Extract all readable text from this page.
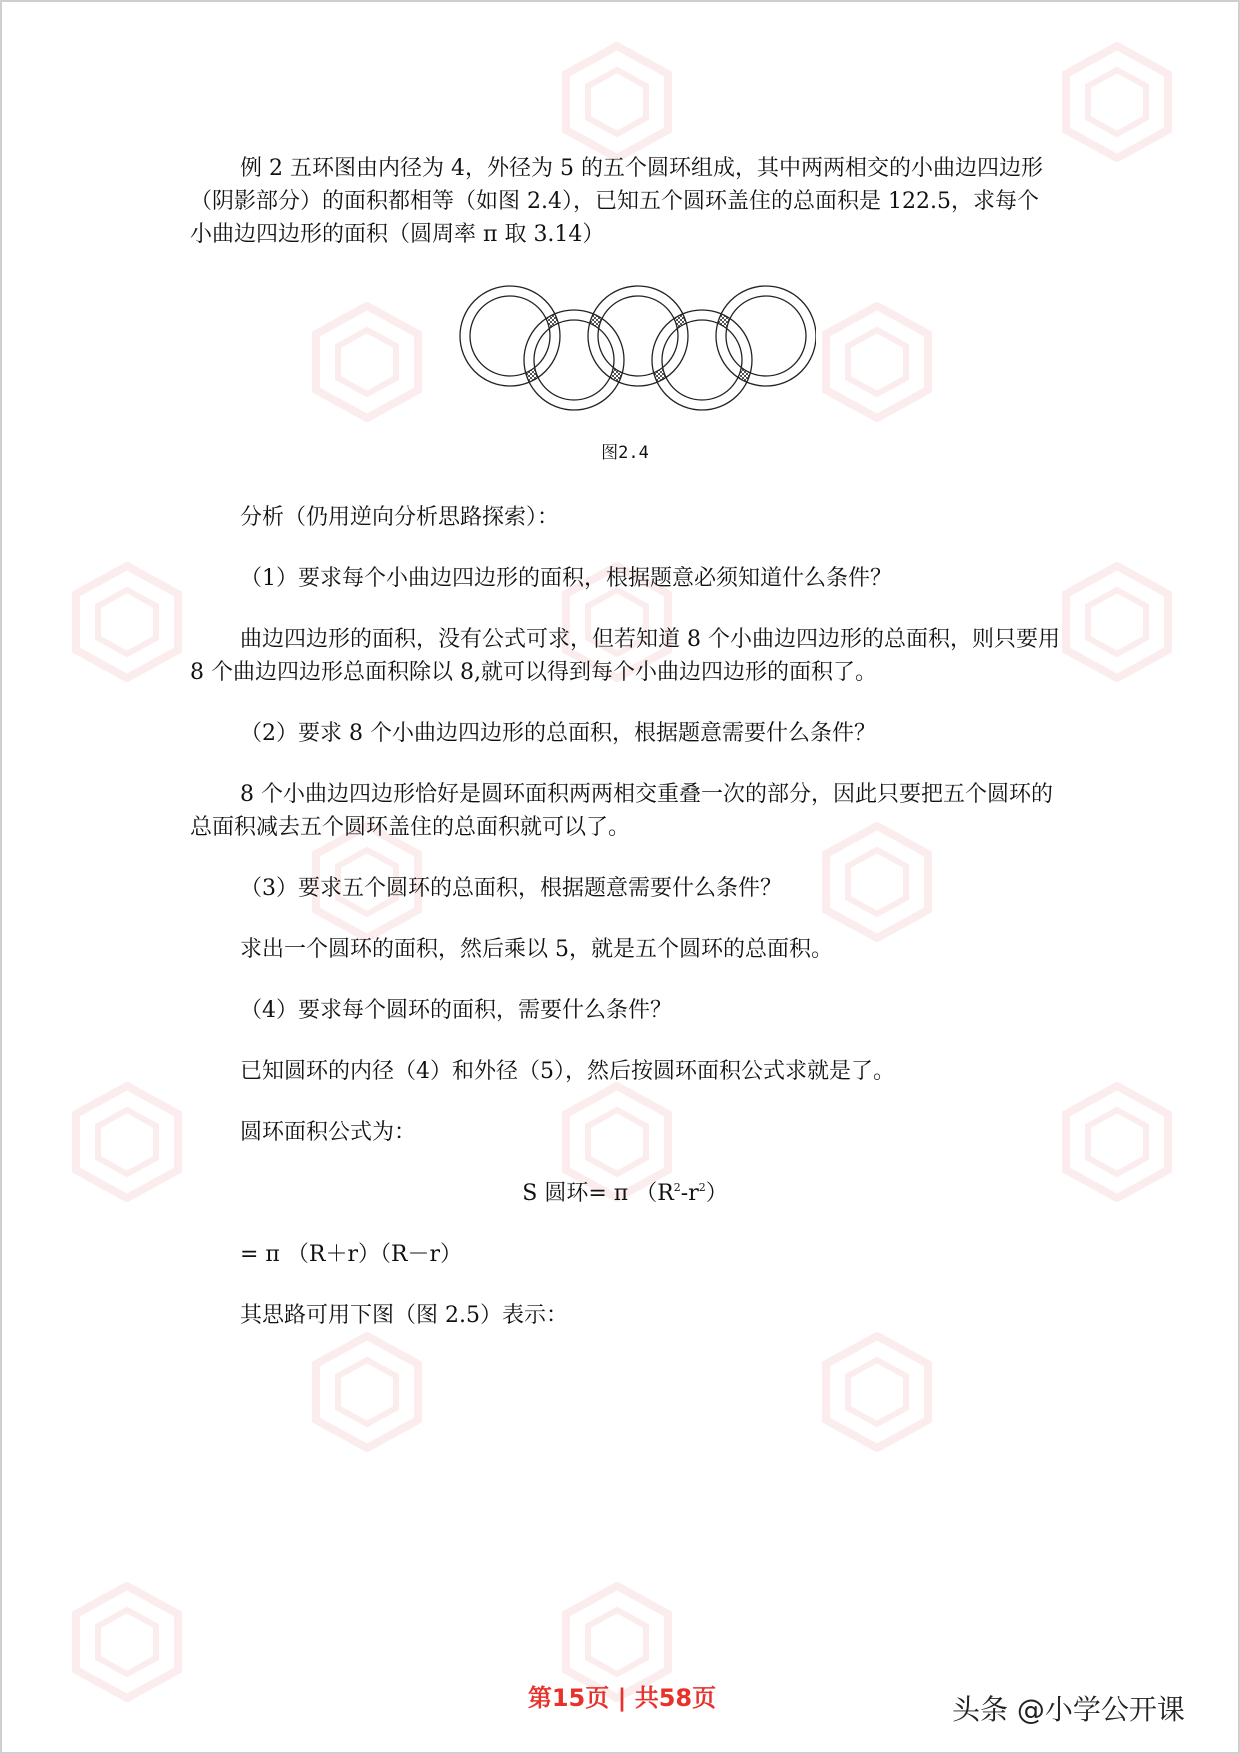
例 2 五环图由内径为 4，外径为 5 的五个圆环组成，其中两两相交的小曲边四边形（阴影部分）的面积都相等（如图 2.4），已知五个圆环盖住的总面积是 122.5，求每个小曲边四边形的面积（圆周率 π 取 3.14）

图2.4

分析（仍用逆向分析思路探索）：

（1）要求每个小曲边四边形的面积，根据题意必须知道什么条件？

曲边四边形的面积，没有公式可求，但若知道 8 个小曲边四边形的总面积，则只要用 8 个曲边四边形总面积除以 8,就可以得到每个小曲边四边形的面积了。

（2）要求 8 个小曲边四边形的总面积，根据题意需要什么条件？

8 个小曲边四边形恰好是圆环面积两两相交重叠一次的部分，因此只要把五个圆环的总面积减去五个圆环盖住的总面积就可以了。

（3）要求五个圆环的总面积，根据题意需要什么条件？

求出一个圆环的面积，然后乘以 5，就是五个圆环的总面积。

（4）要求每个圆环的面积，需要什么条件？

已知圆环的内径（4）和外径（5），然后按圆环面积公式求就是了。

圆环面积公式为：

S 圆环= π $(R^2-r^2)$

= π （R＋r）（R－r）

其思路可用下图（图 2.5）表示：

第15页 | 共58页	头条 @小学公开课
